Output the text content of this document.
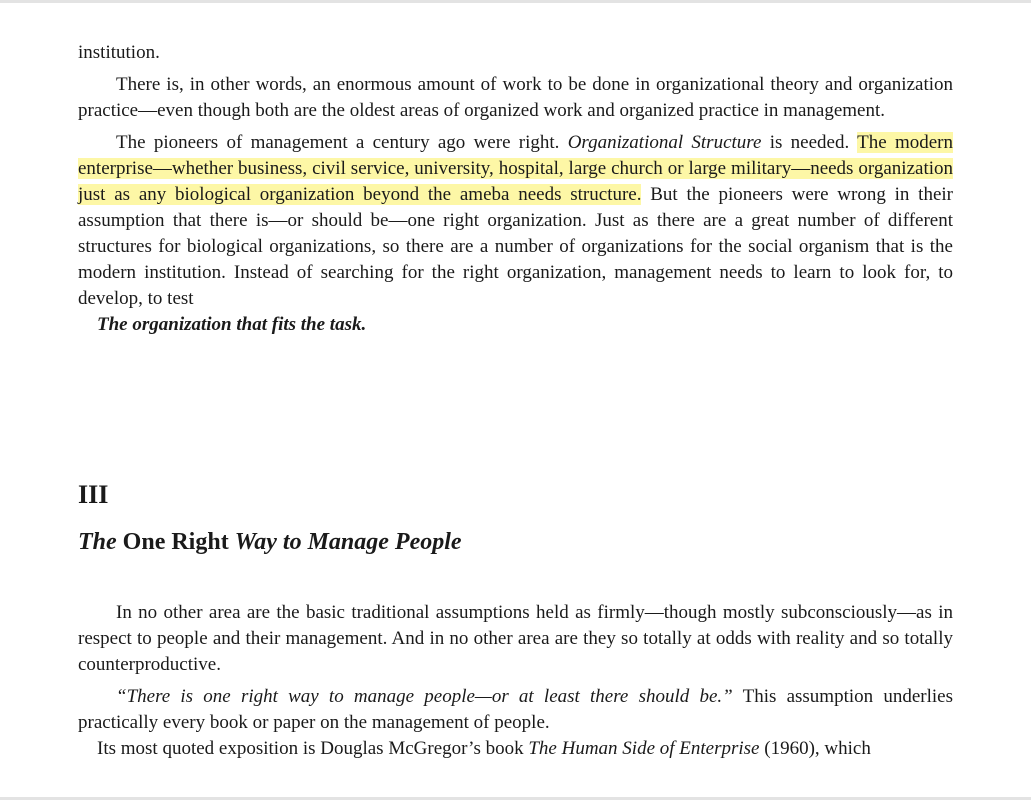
institution.

There is, in other words, an enormous amount of work to be done in organizational theory and organization practice—even though both are the oldest areas of organized work and organized practice in management.

The pioneers of management a century ago were right. Organizational Structure is needed. The modern enterprise—whether business, civil service, university, hospital, large church or large military—needs organization just as any biological organization beyond the ameba needs structure. But the pioneers were wrong in their assumption that there is—or should be—one right organization. Just as there are a great number of different structures for biological organizations, so there are a number of organizations for the social organism that is the modern institution. Instead of searching for the right organization, management needs to learn to look for, to develop, to test

The organization that fits the task.

III
The One Right Way to Manage People

In no other area are the basic traditional assumptions held as firmly—though mostly subconsciously—as in respect to people and their management. And in no other area are they so totally at odds with reality and so totally counterproductive.

“There is one right way to manage people—or at least there should be.” This assumption underlies practically every book or paper on the management of people.

Its most quoted exposition is Douglas McGregor’s book The Human Side of Enterprise (1960), which
